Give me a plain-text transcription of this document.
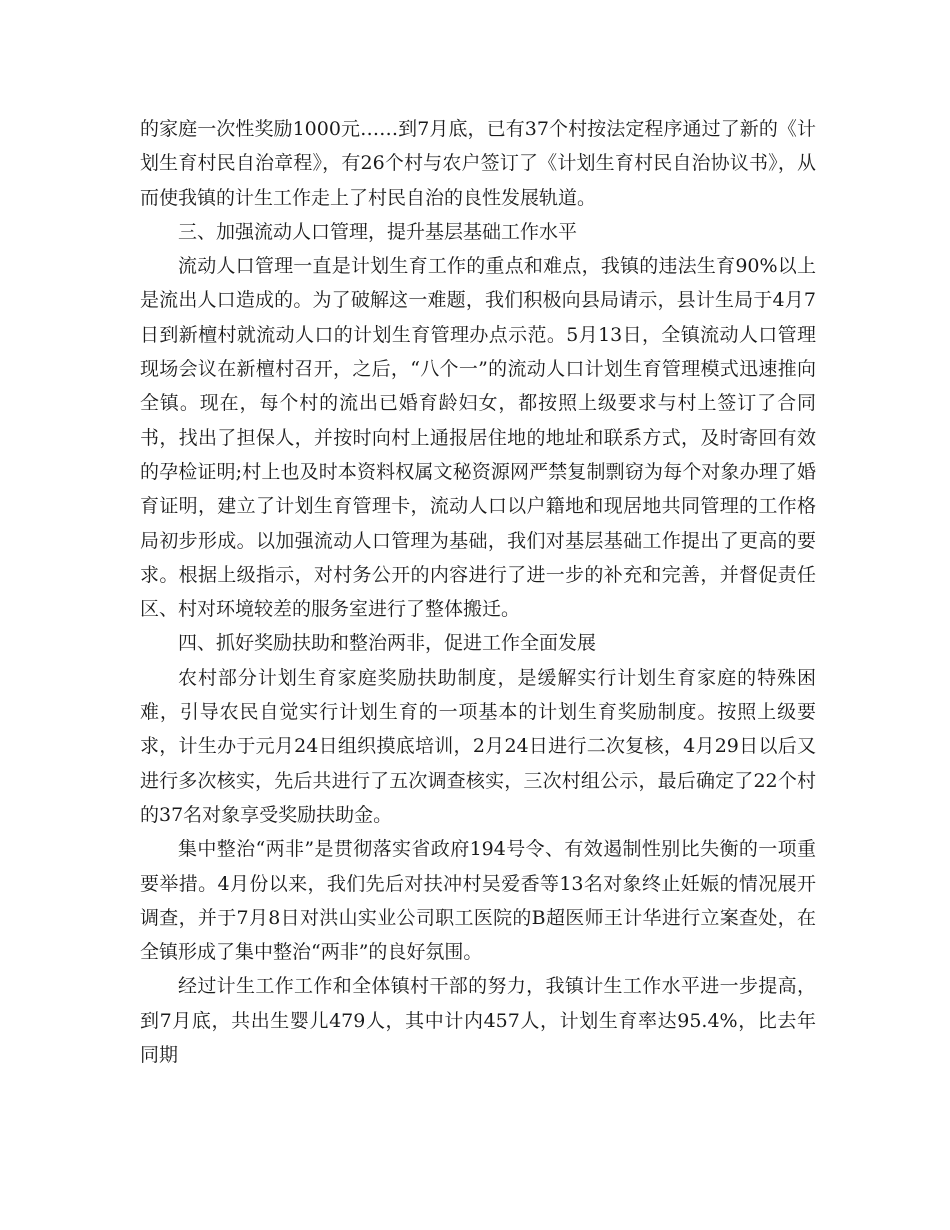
的家庭一次性奖励1000元……到7月底，已有37个村按法定程序通过了新的《计划生育村民自治章程》，有26个村与农户签订了《计划生育村民自治协议书》，从而使我镇的计生工作走上了村民自治的良性发展轨道。

三、加强流动人口管理，提升基层基础工作水平

流动人口管理一直是计划生育工作的重点和难点，我镇的违法生育90%以上是流出人口造成的。为了破解这一难题，我们积极向县局请示，县计生局于4月7日到新檀村就流动人口的计划生育管理办点示范。5月13日，全镇流动人口管理现场会议在新檀村召开，之后，“八个一”的流动人口计划生育管理模式迅速推向全镇。现在，每个村的流出已婚育龄妇女，都按照上级要求与村上签订了合同书，找出了担保人，并按时向村上通报居住地的地址和联系方式，及时寄回有效的孕检证明;村上也及时本资料权属文秘资源网严禁复制剽窃为每个对象办理了婚育证明，建立了计划生育管理卡，流动人口以户籍地和现居地共同管理的工作格局初步形成。以加强流动人口管理为基础，我们对基层基础工作提出了更高的要求。根据上级指示，对村务公开的内容进行了进一步的补充和完善，并督促责任区、村对环境较差的服务室进行了整体搬迁。

四、抓好奖励扶助和整治两非，促进工作全面发展

农村部分计划生育家庭奖励扶助制度，是缓解实行计划生育家庭的特殊困难，引导农民自觉实行计划生育的一项基本的计划生育奖励制度。按照上级要求，计生办于元月24日组织摸底培训，2月24日进行二次复核，4月29日以后又进行多次核实，先后共进行了五次调查核实，三次村组公示，最后确定了22个村的37名对象享受奖励扶助金。

集中整治“两非”是贯彻落实省政府194号令、有效遏制性别比失衡的一项重要举措。4月份以来，我们先后对扶冲村吴爱香等13名对象终止妊娠的情况展开调查，并于7月8日对洪山实业公司职工医院的B超医师王计华进行立案查处，在全镇形成了集中整治“两非”的良好氛围。

经过计生工作工作和全体镇村干部的努力，我镇计生工作水平进一步提高，到7月底，共出生婴儿479人，其中计内457人，计划生育率达95.4%，比去年同期
